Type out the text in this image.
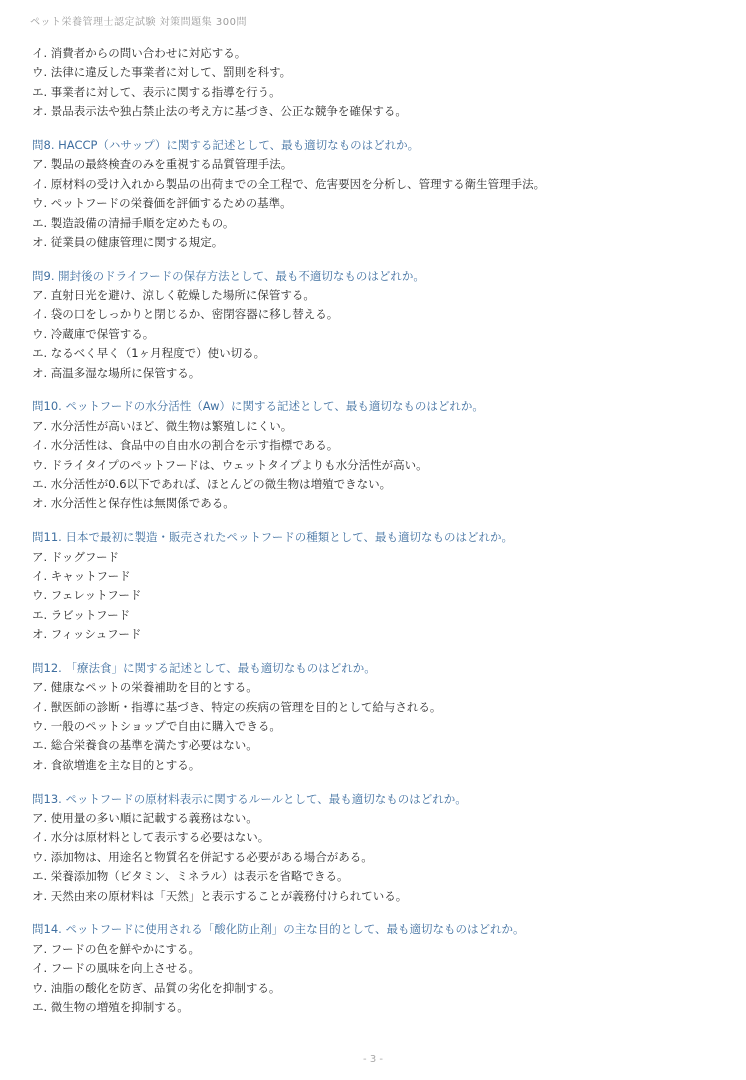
ペット栄養管理士認定試験 対策問題集 300問
イ. 消費者からの問い合わせに対応する。
ウ. 法律に違反した事業者に対して、罰則を科す。
エ. 事業者に対して、表示に関する指導を行う。
オ. 景品表示法や独占禁止法の考え方に基づき、公正な競争を確保する。
問8. HACCP（ハサップ）に関する記述として、最も適切なものはどれか。
ア. 製品の最終検査のみを重視する品質管理手法。
イ. 原材料の受け入れから製品の出荷までの全工程で、危害要因を分析し、管理する衛生管理手法。
ウ. ペットフードの栄養価を評価するための基準。
エ. 製造設備の清掃手順を定めたもの。
オ. 従業員の健康管理に関する規定。
問9. 開封後のドライフードの保存方法として、最も不適切なものはどれか。
ア. 直射日光を避け、涼しく乾燥した場所に保管する。
イ. 袋の口をしっかりと閉じるか、密閉容器に移し替える。
ウ. 冷蔵庫で保管する。
エ. なるべく早く（1ヶ月程度で）使い切る。
オ. 高温多湿な場所に保管する。
問10. ペットフードの水分活性（Aw）に関する記述として、最も適切なものはどれか。
ア. 水分活性が高いほど、微生物は繁殖しにくい。
イ. 水分活性は、食品中の自由水の割合を示す指標である。
ウ. ドライタイプのペットフードは、ウェットタイプよりも水分活性が高い。
エ. 水分活性が0.6以下であれば、ほとんどの微生物は増殖できない。
オ. 水分活性と保存性は無関係である。
問11. 日本で最初に製造・販売されたペットフードの種類として、最も適切なものはどれか。
ア. ドッグフード
イ. キャットフード
ウ. フェレットフード
エ. ラビットフード
オ. フィッシュフード
問12. 「療法食」に関する記述として、最も適切なものはどれか。
ア. 健康なペットの栄養補助を目的とする。
イ. 獣医師の診断・指導に基づき、特定の疾病の管理を目的として給与される。
ウ. 一般のペットショップで自由に購入できる。
エ. 総合栄養食の基準を満たす必要はない。
オ. 食欲増進を主な目的とする。
問13. ペットフードの原材料表示に関するルールとして、最も適切なものはどれか。
ア. 使用量の多い順に記載する義務はない。
イ. 水分は原材料として表示する必要はない。
ウ. 添加物は、用途名と物質名を併記する必要がある場合がある。
エ. 栄養添加物（ビタミン、ミネラル）は表示を省略できる。
オ. 天然由来の原材料は「天然」と表示することが義務付けられている。
問14. ペットフードに使用される「酸化防止剤」の主な目的として、最も適切なものはどれか。
ア. フードの色を鮮やかにする。
イ. フードの風味を向上させる。
ウ. 油脂の酸化を防ぎ、品質の劣化を抑制する。
エ. 微生物の増殖を抑制する。
- 3 -
